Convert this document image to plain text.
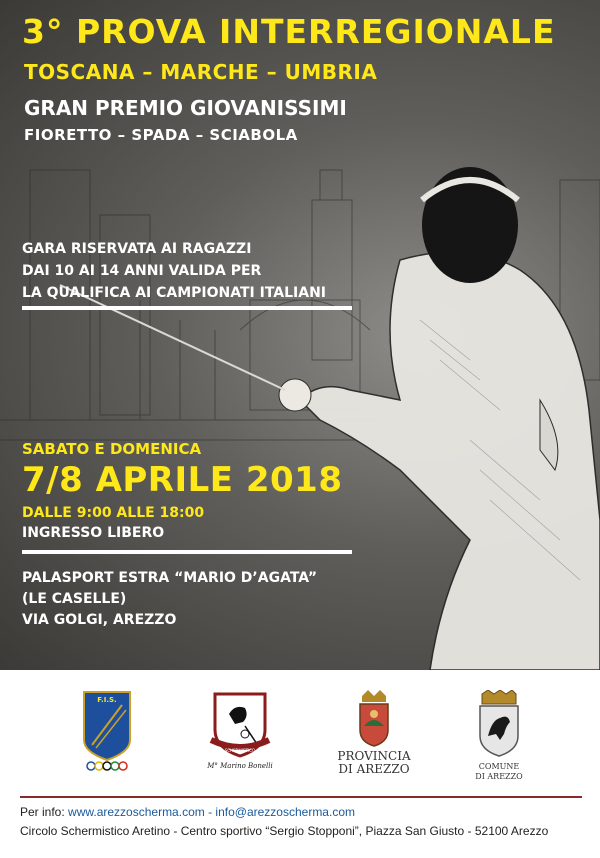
3° PROVA INTERREGIONALE
TOSCANA – MARCHE – UMBRIA
GRAN PREMIO GIOVANISSIMI
FIORETTO – SPADA – SCIABOLA
GARA RISERVATA AI RAGAZZI
DAI 10 AI 14 ANNI VALIDA PER
LA QUALIFICA AI CAMPIONATI ITALIANI
SABATO E DOMENICA
7/8 APRILE 2018
DALLE 9:00 ALLE 18:00
INGRESSO LIBERO
PALASPORT ESTRA “MARIO D’AGATA”
(LE CASELLE)
VIA GOLGI, AREZZO
F.I.S.
CIRCOLO SCHERMISTICO ARETINO
M° Marino Bonelli
PROVINCIA
DI AREZZO	COMUNE
DI AREZZO
Per info: www.arezzoscherma.com - info@arezzoscherma.com
Circolo Schermistico Aretino - Centro sportivo “Sergio Stopponi”, Piazza San Giusto - 52100 Arezzo
